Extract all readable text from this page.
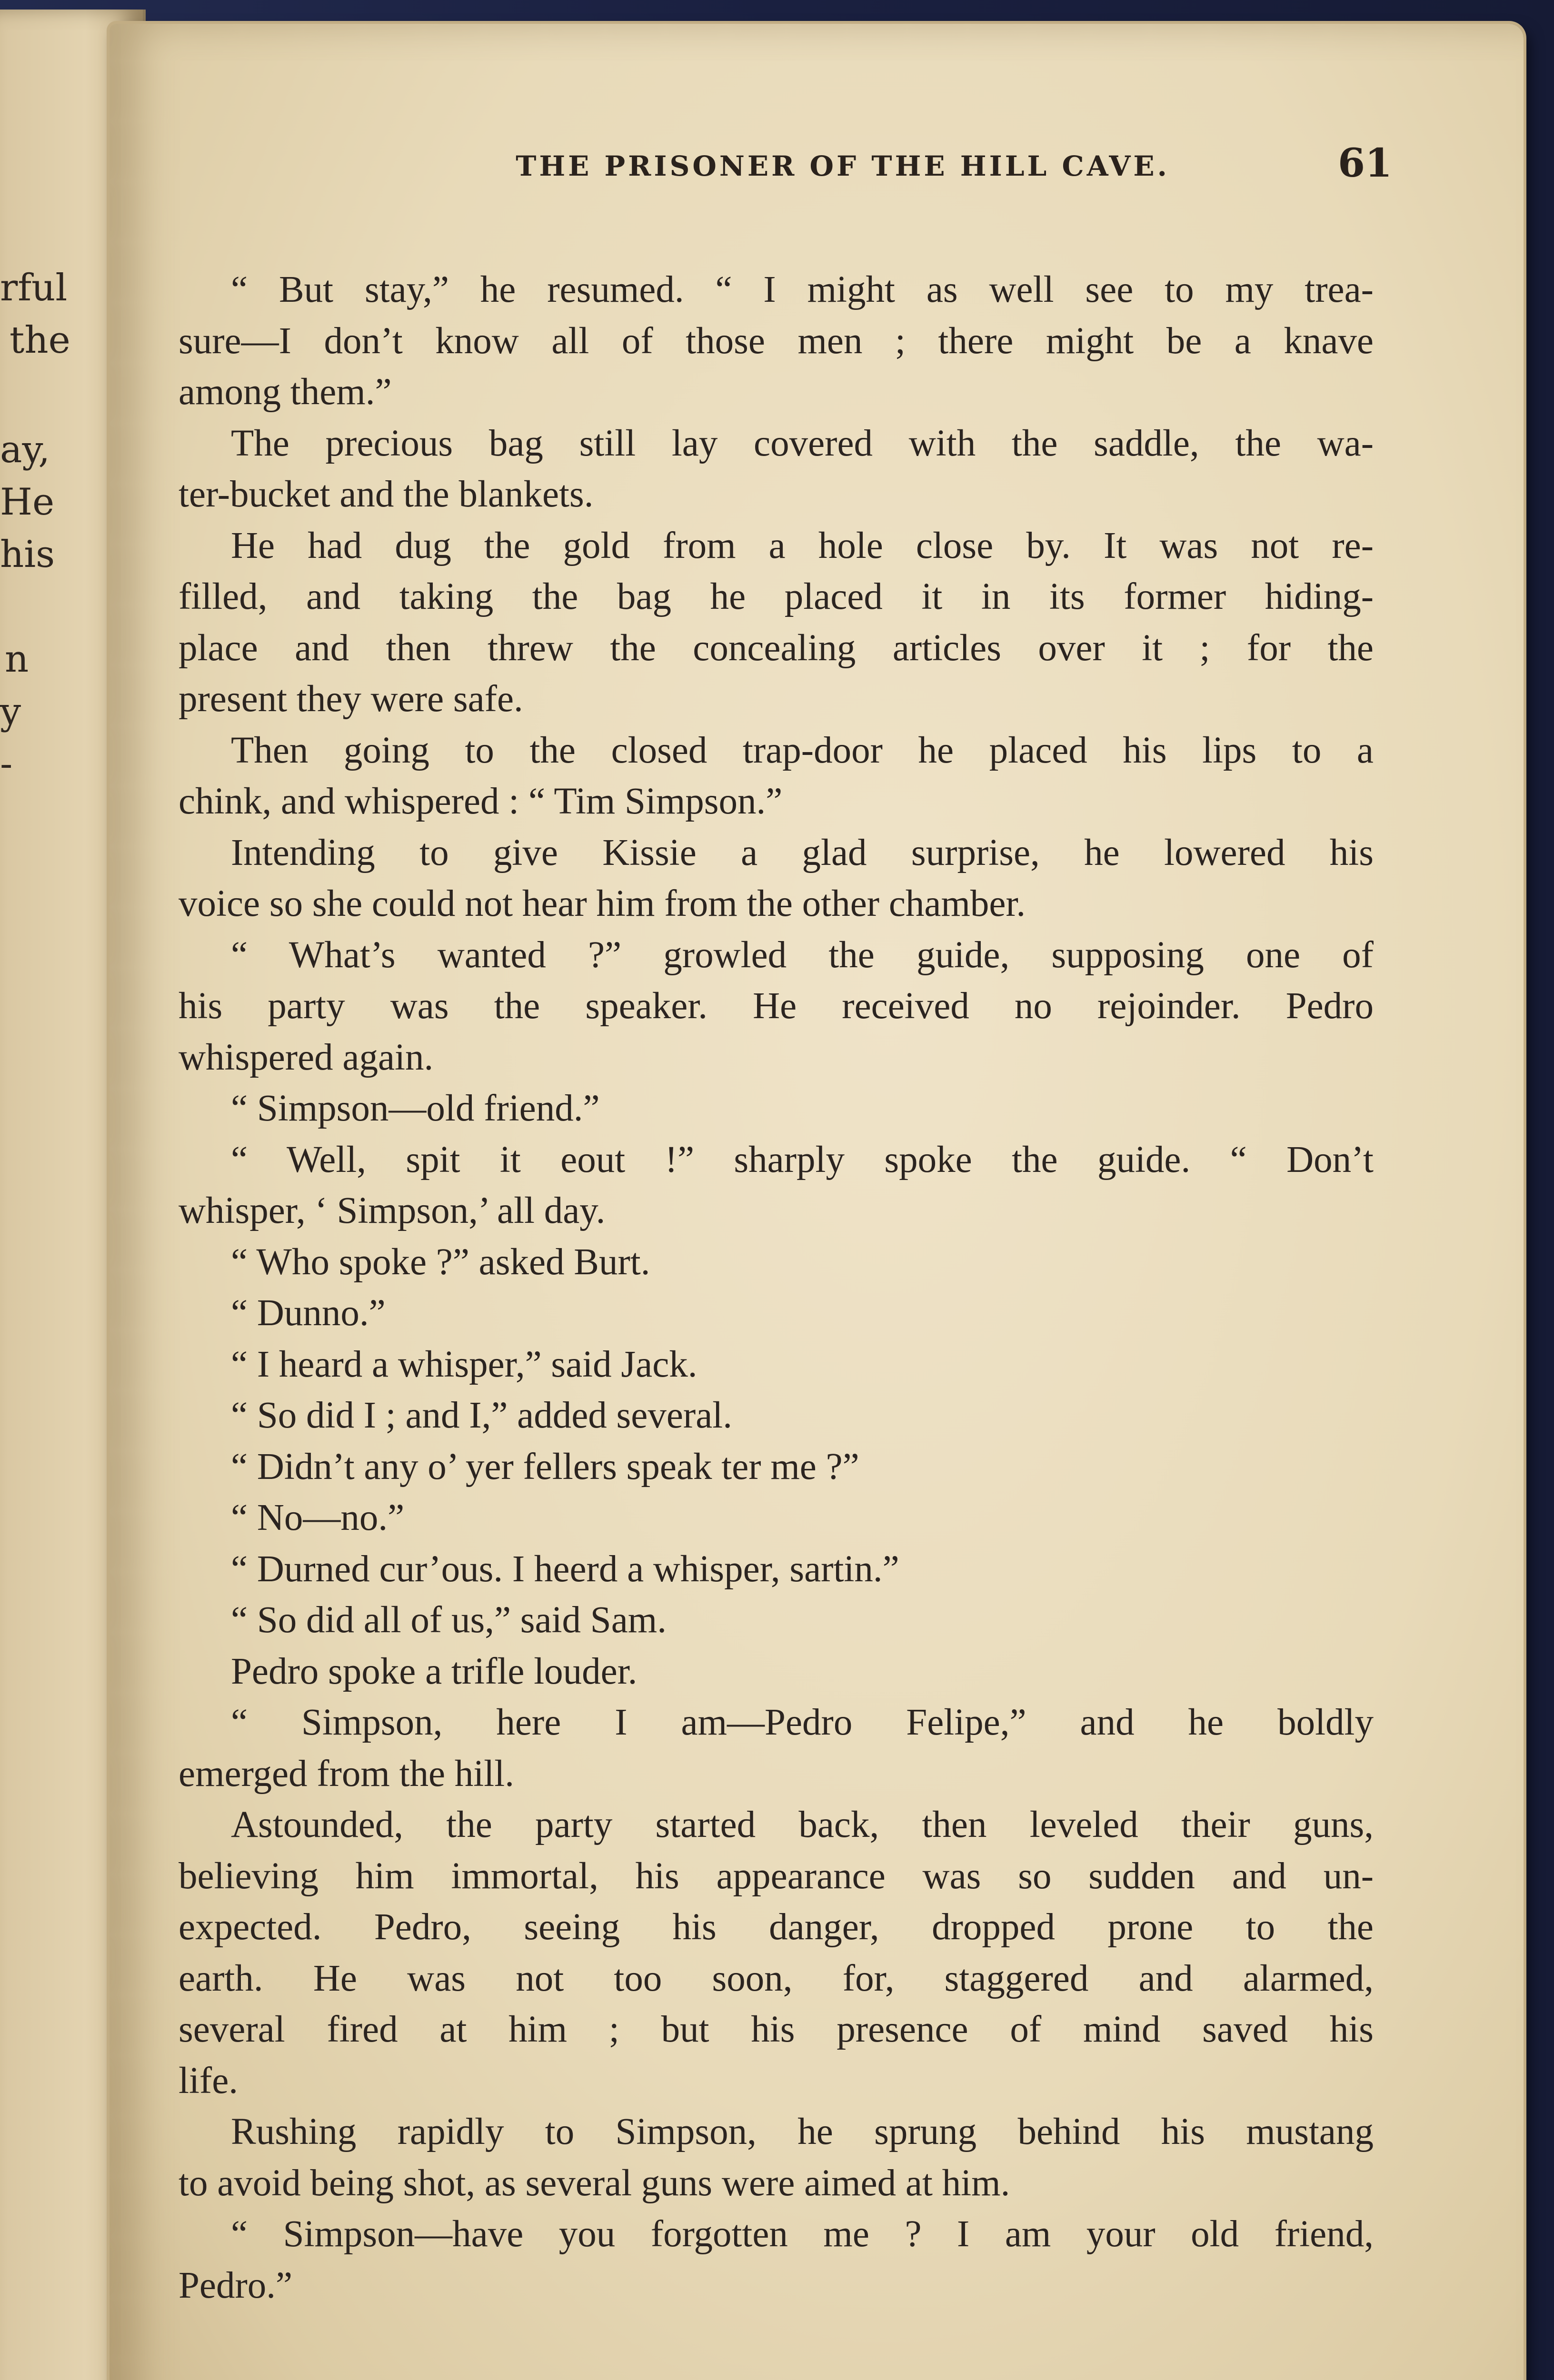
rful
the
ay,
He
his
n
y
-
THE PRISONER OF THE HILL CAVE.	61
“ But stay,” he resumed. “ I might as well see to my trea-
sure—I don’t know all of those men ; there might be a knave
among them.”
The precious bag still lay covered with the saddle, the wa-
ter-bucket and the blankets.
He had dug the gold from a hole close by. It was not re-
filled, and taking the bag he placed it in its former hiding-
place and then threw the concealing articles over it ; for the
present they were safe.
Then going to the closed trap-door he placed his lips to a
chink, and whispered : “ Tim Simpson.”
Intending to give Kissie a glad surprise, he lowered his
voice so she could not hear him from the other chamber.
“ What’s wanted ?” growled the guide, supposing one of
his party was the speaker. He received no rejoinder. Pedro
whispered again.
“ Simpson—old friend.”
“ Well, spit it eout !” sharply spoke the guide. “ Don’t
whisper, ‘ Simpson,’ all day.
“ Who spoke ?” asked Burt.
“ Dunno.”
“ I heard a whisper,” said Jack.
“ So did I ; and I,” added several.
“ Didn’t any o’ yer fellers speak ter me ?”
“ No—no.”
“ Durned cur’ous. I heerd a whisper, sartin.”
“ So did all of us,” said Sam.
Pedro spoke a trifle louder.
“ Simpson, here I am—Pedro Felipe,” and he boldly
emerged from the hill.
Astounded, the party started back, then leveled their guns,
believing him immortal, his appearance was so sudden and un-
expected. Pedro, seeing his danger, dropped prone to the
earth. He was not too soon, for, staggered and alarmed,
several fired at him ; but his presence of mind saved his
life.
Rushing rapidly to Simpson, he sprung behind his mustang
to avoid being shot, as several guns were aimed at him.
“ Simpson—have you forgotten me ? I am your old friend,
Pedro.”
